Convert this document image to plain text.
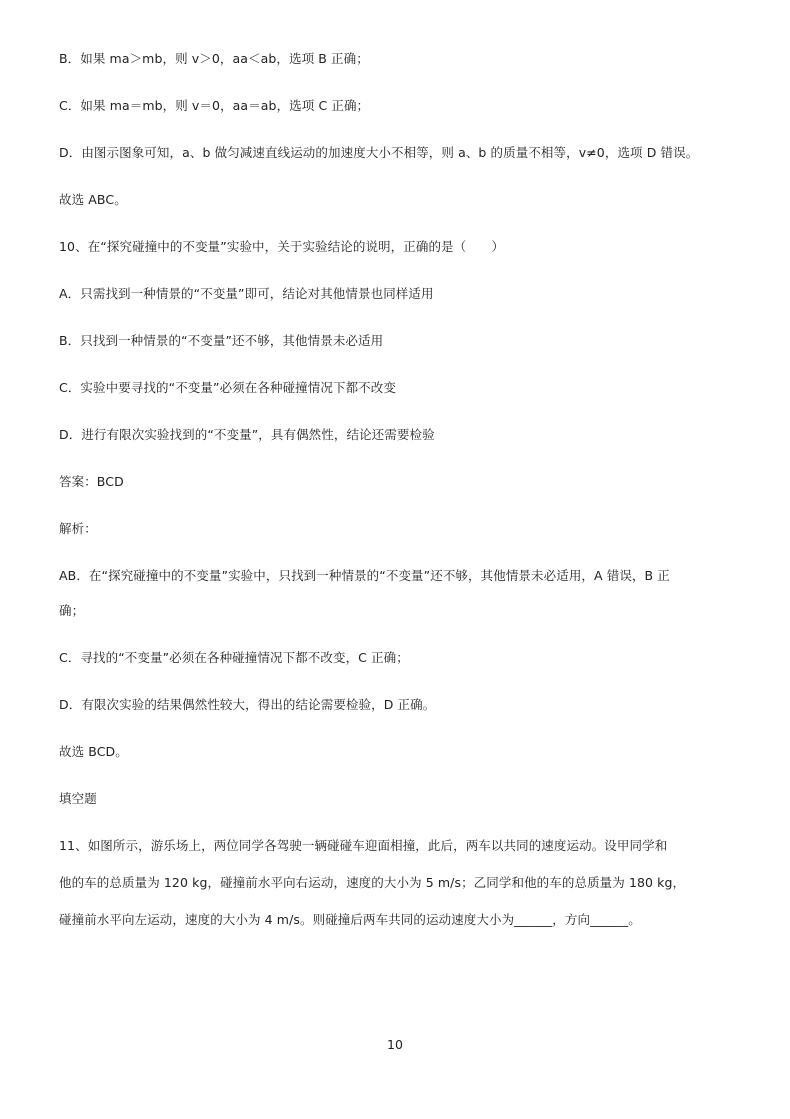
B．如果 ma＞mb，则 v＞0，aa＜ab，选项 B 正确；
C．如果 ma＝mb，则 v＝0，aa＝ab，选项 C 正确；
D．由图示图象可知，a、b 做匀减速直线运动的加速度大小不相等，则 a、b 的质量不相等，v≠0，选项 D 错误。
故选 ABC。
10、在“探究碰撞中的不变量”实验中，关于实验结论的说明，正确的是（　　）
A．只需找到一种情景的“不变量”即可，结论对其他情景也同样适用
B．只找到一种情景的“不变量”还不够，其他情景未必适用
C．实验中要寻找的“不变量”必须在各种碰撞情况下都不改变
D．进行有限次实验找到的“不变量”，具有偶然性，结论还需要检验
答案：BCD
解析：
AB．在“探究碰撞中的不变量”实验中，只找到一种情景的“不变量”还不够，其他情景未必适用，A 错误，B 正
确；
C．寻找的“不变量”必须在各种碰撞情况下都不改变，C 正确；
D．有限次实验的结果偶然性较大，得出的结论需要检验，D 正确。
故选 BCD。
填空题
11、如图所示，游乐场上，两位同学各驾驶一辆碰碰车迎面相撞，此后，两车以共同的速度运动。设甲同学和
他的车的总质量为 120 kg，碰撞前水平向右运动，速度的大小为 5 m/s；乙同学和他的车的总质量为 180 kg，
碰撞前水平向左运动，速度的大小为 4 m/s。则碰撞后两车共同的运动速度大小为______，方向______。
10
